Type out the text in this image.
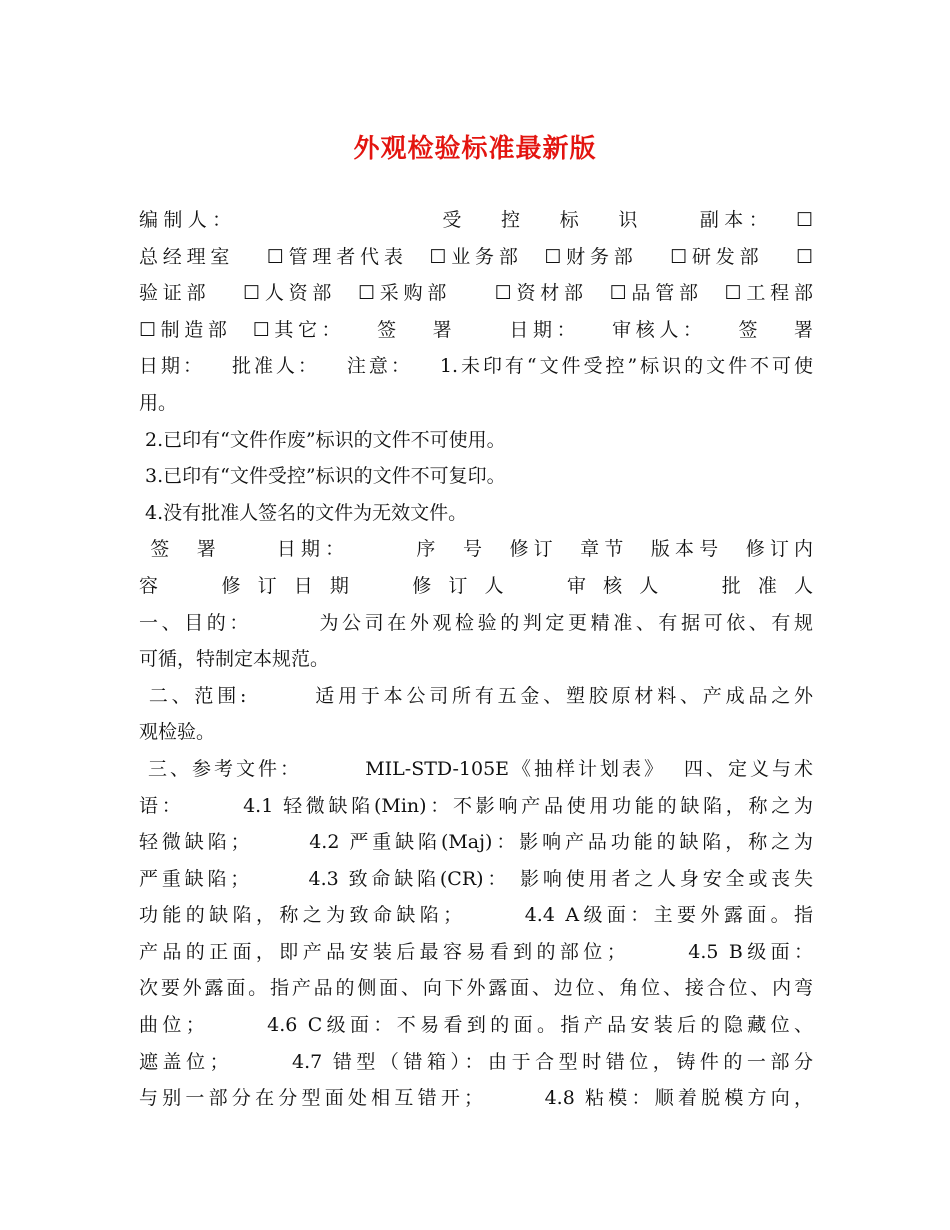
外观检验标准最新版
编制人：                  受   控   标   识     副本：  ☐
总经理室   ☐管理者代表  ☐业务部  ☐财务部   ☐研发部   ☐
验证部   ☐人资部  ☐采购部    ☐资材部  ☐品管部  ☐工程部
☐制造部  ☐其它：   签   署     日期：   审核人：   签   署
日期：   批准人：   注意：   1.未印有“文件受控”标识的文件不可使
用。
2.已印有“文件作废”标识的文件不可使用。
3.已印有“文件受控”标识的文件不可复印。
4.没有批准人签名的文件为无效文件。
签  署     日期：      序  号  修订  章节  版本号  修订内
容     修 订 日 期     修 订 人     审 核 人     批 准 人
一、目的：       为公司在外观检验的判定更精准、有据可依、有规
可循，特制定本规范。
二、范围:       适用于本公司所有五金、塑胶原材料、产成品之外
观检验。
三、参考文件：       MIL-STD-105E《抽样计划表》  四、定义与术
语：      4.1 轻微缺陷(Min)：不影响产品使用功能的缺陷，称之为
轻微缺陷；      4.2 严重缺陷(Maj)：影响产品功能的缺陷，称之为
严重缺陷；      4.3 致命缺陷(CR)： 影响使用者之人身安全或丧失
功能的缺陷，称之为致命缺陷；      4.4 A级面：主要外露面。指
产品的正面，即产品安装后最容易看到的部位；      4.5 B级面：
次要外露面。指产品的侧面、向下外露面、边位、角位、接合位、内弯
曲位；      4.6 C级面：不易看到的面。指产品安装后的隐藏位、
遮盖位；      4.7 错型（错箱）：由于合型时错位，铸件的一部分
与别一部分在分型面处相互错开；      4.8 粘模：顺着脱模方向，
